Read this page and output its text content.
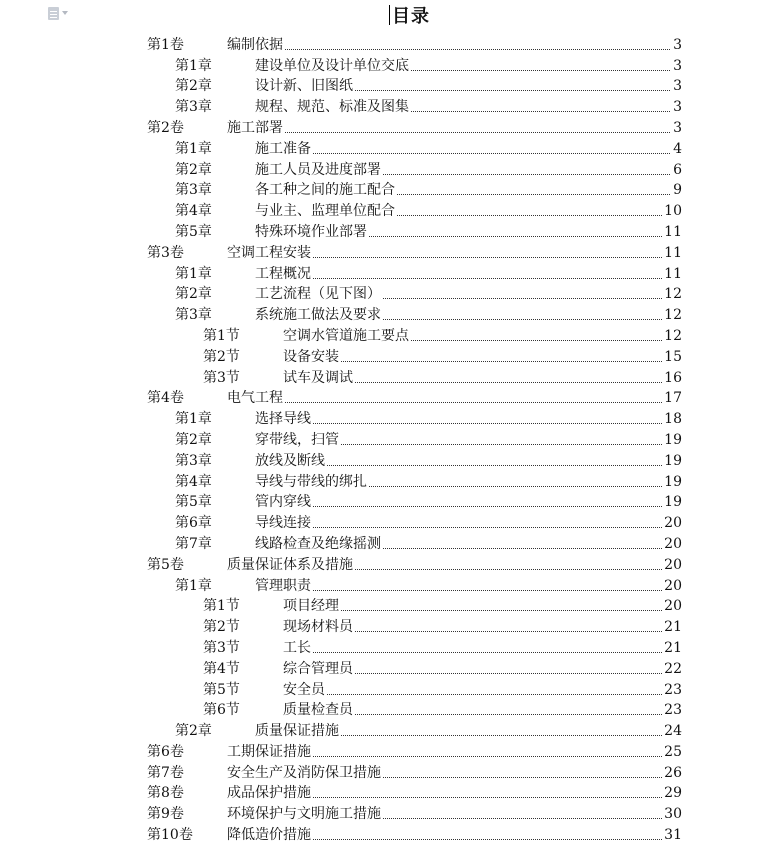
目录
第1卷	编制依据	3
第1章	建设单位及设计单位交底	3
第2章	设计新、旧图纸	3
第3章	规程、规范、标准及图集	3
第2卷	施工部署	3
第1章	施工准备	4
第2章	施工人员及进度部署	6
第3章	各工种之间的施工配合	9
第4章	与业主、监理单位配合	10
第5章	特殊环境作业部署	11
第3卷	空调工程安装	11
第1章	工程概况	11
第2章	工艺流程（见下图）	12
第3章	系统施工做法及要求	12
第1节	空调水管道施工要点	12
第2节	设备安装	15
第3节	试车及调试	16
第4卷	电气工程	17
第1章	选择导线	18
第2章	穿带线，扫管	19
第3章	放线及断线	19
第4章	导线与带线的绑扎	19
第5章	管内穿线	19
第6章	导线连接	20
第7章	线路检查及绝缘摇测	20
第5卷	质量保证体系及措施	20
第1章	管理职责	20
第1节	项目经理	20
第2节	现场材料员	21
第3节	工长	21
第4节	综合管理员	22
第5节	安全员	23
第6节	质量检查员	23
第2章	质量保证措施	24
第6卷	工期保证措施	25
第7卷	安全生产及消防保卫措施	26
第8卷	成品保护措施	29
第9卷	环境保护与文明施工措施	30
第10卷 降低造价措施	31
